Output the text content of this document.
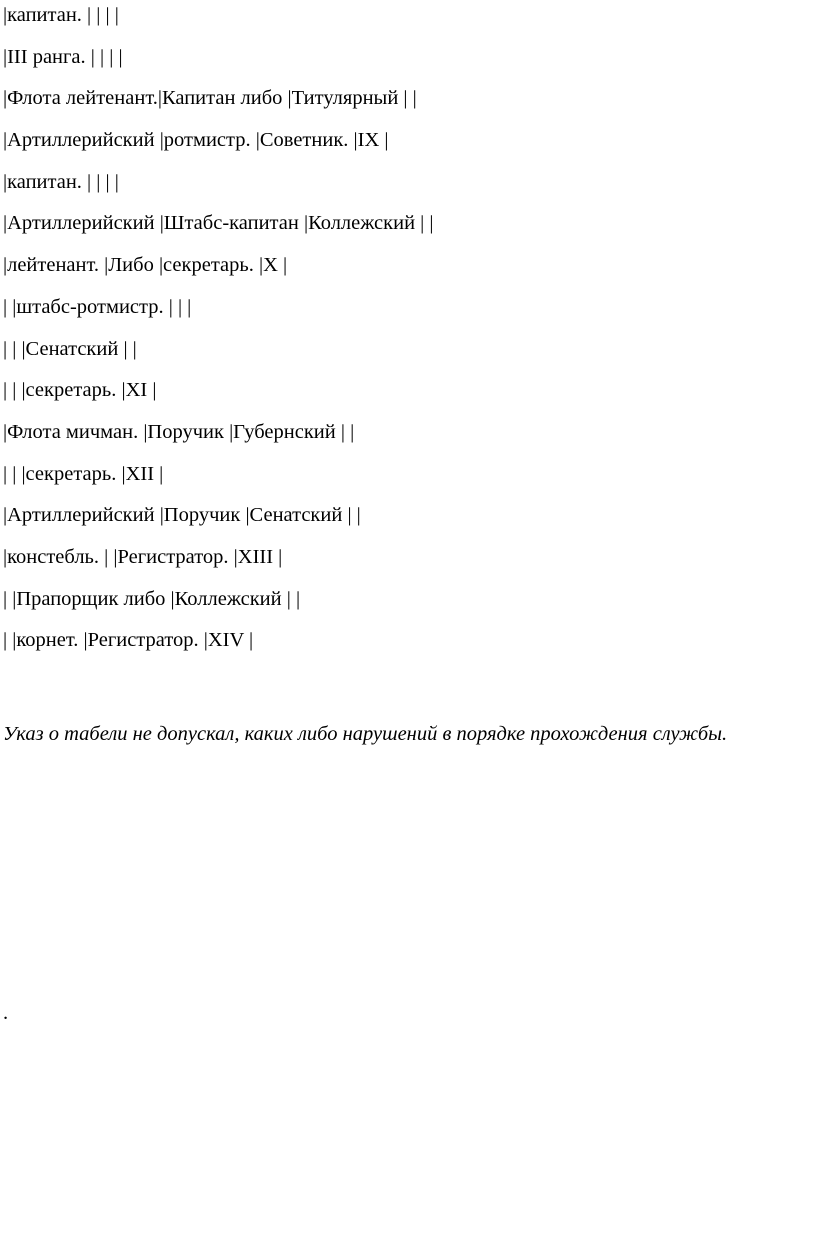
|капитан. | | | |
|III ранга. | | | |
|Флота лейтенант.|Капитан либо |Титулярный | |
|Артиллерийский |ротмистр. |Советник. |IX |
|капитан. | | | |
|Артиллерийский |Штабс-капитан |Коллежский | |
|лейтенант. |Либо |секретарь. |X |
| |штабс-ротмистр. | | |
| | |Сенатский | |
| | |секретарь. |XI |
|Флота мичман. |Поручик |Губернский | |
| | |секретарь. |XII |
|Артиллерийский |Поручик |Сенатский | |
|констебль. | |Регистратор. |XIII |
| |Прапорщик либо |Коллежский | |
| |корнет. |Регистратор. |XIV |

Указ о табели не допускал, каких либо нарушений в порядке прохождения службы.

.
